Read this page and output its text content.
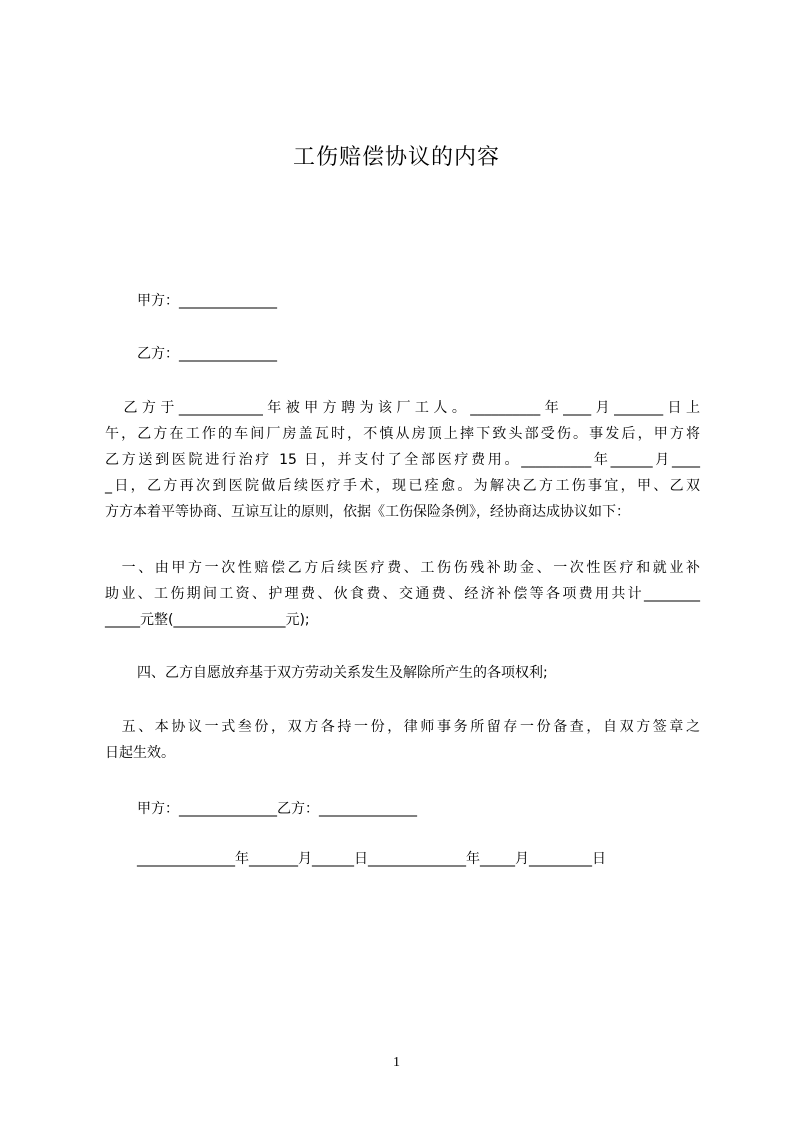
工伤赔偿协议的内容
甲方：______________
乙方：______________
　乙方于____________年被甲方聘为该厂工人。__________年____月_______日上
午，乙方在工作的车间厂房盖瓦时，不慎从房顶上摔下致头部受伤。事发后，甲方将
乙方送到医院进行治疗 15 日，并支付了全部医疗费用。__________年______月____
_日，乙方再次到医院做后续医疗手术，现已痊愈。为解决乙方工伤事宜，甲、乙双
方方本着平等协商、互谅互让的原则，依据《工伤保险条例》，经协商达成协议如下：
　一、由甲方一次性赔偿乙方后续医疗费、工伤伤残补助金、一次性医疗和就业补
助业、工伤期间工资、护理费、伙食费、交通费、经济补偿等各项费用共计________
_____元整(________________元);
四、乙方自愿放弃基于双方劳动关系发生及解除所产生的各项权利;
　五、本协议一式叁份，双方各持一份，律师事务所留存一份备查，自双方签章之
日起生效。
甲方：______________乙方：______________
______________年_______月______日______________年_____月_________日
1
